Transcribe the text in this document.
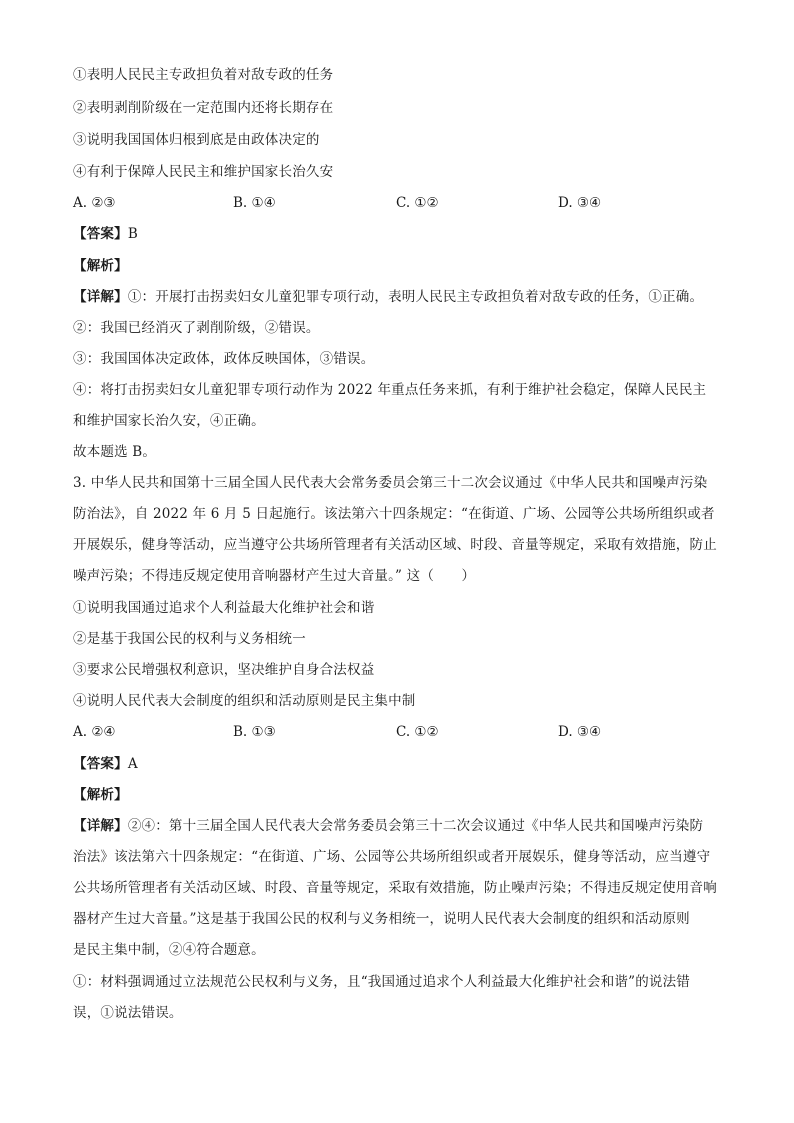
①表明人民民主专政担负着对敌专政的任务
②表明剥削阶级在一定范围内还将长期存在
③说明我国国体归根到底是由政体决定的
④有利于保障人民民主和维护国家长治久安
A. ②③	B. ①④	C. ①②	D. ③④
【答案】B
【解析】
【详解】①：开展打击拐卖妇女儿童犯罪专项行动，表明人民民主专政担负着对敌专政的任务，①正确。
②：我国已经消灭了剥削阶级，②错误。
③：我国国体决定政体，政体反映国体，③错误。
④：将打击拐卖妇女儿童犯罪专项行动作为 2022 年重点任务来抓，有利于维护社会稳定，保障人民民主
和维护国家长治久安，④正确。
故本题选 B。
3. 中华人民共和国第十三届全国人民代表大会常务委员会第三十二次会议通过《中华人民共和国噪声污染
防治法》，自 2022 年 6 月 5 日起施行。该法第六十四条规定：“在街道、广场、公园等公共场所组织或者
开展娱乐，健身等活动，应当遵守公共场所管理者有关活动区域、时段、音量等规定，采取有效措施，防止
噪声污染；不得违反规定使用音响器材产生过大音量。” 这（　　）
①说明我国通过追求个人利益最大化维护社会和谐
②是基于我国公民的权利与义务相统一
③要求公民增强权利意识，坚决维护自身合法权益
④说明人民代表大会制度的组织和活动原则是民主集中制
A. ②④	B. ①③	C. ①②	D. ③④
【答案】A
【解析】
【详解】②④：第十三届全国人民代表大会常务委员会第三十二次会议通过《中华人民共和国噪声污染防
治法》该法第六十四条规定：“在街道、广场、公园等公共场所组织或者开展娱乐，健身等活动，应当遵守
公共场所管理者有关活动区域、时段、音量等规定，采取有效措施，防止噪声污染；不得违反规定使用音响
器材产生过大音量。”这是基于我国公民的权利与义务相统一，说明人民代表大会制度的组织和活动原则
是民主集中制，②④符合题意。
①：材料强调通过立法规范公民权利与义务，且“我国通过追求个人利益最大化维护社会和谐”的说法错
误，①说法错误。
